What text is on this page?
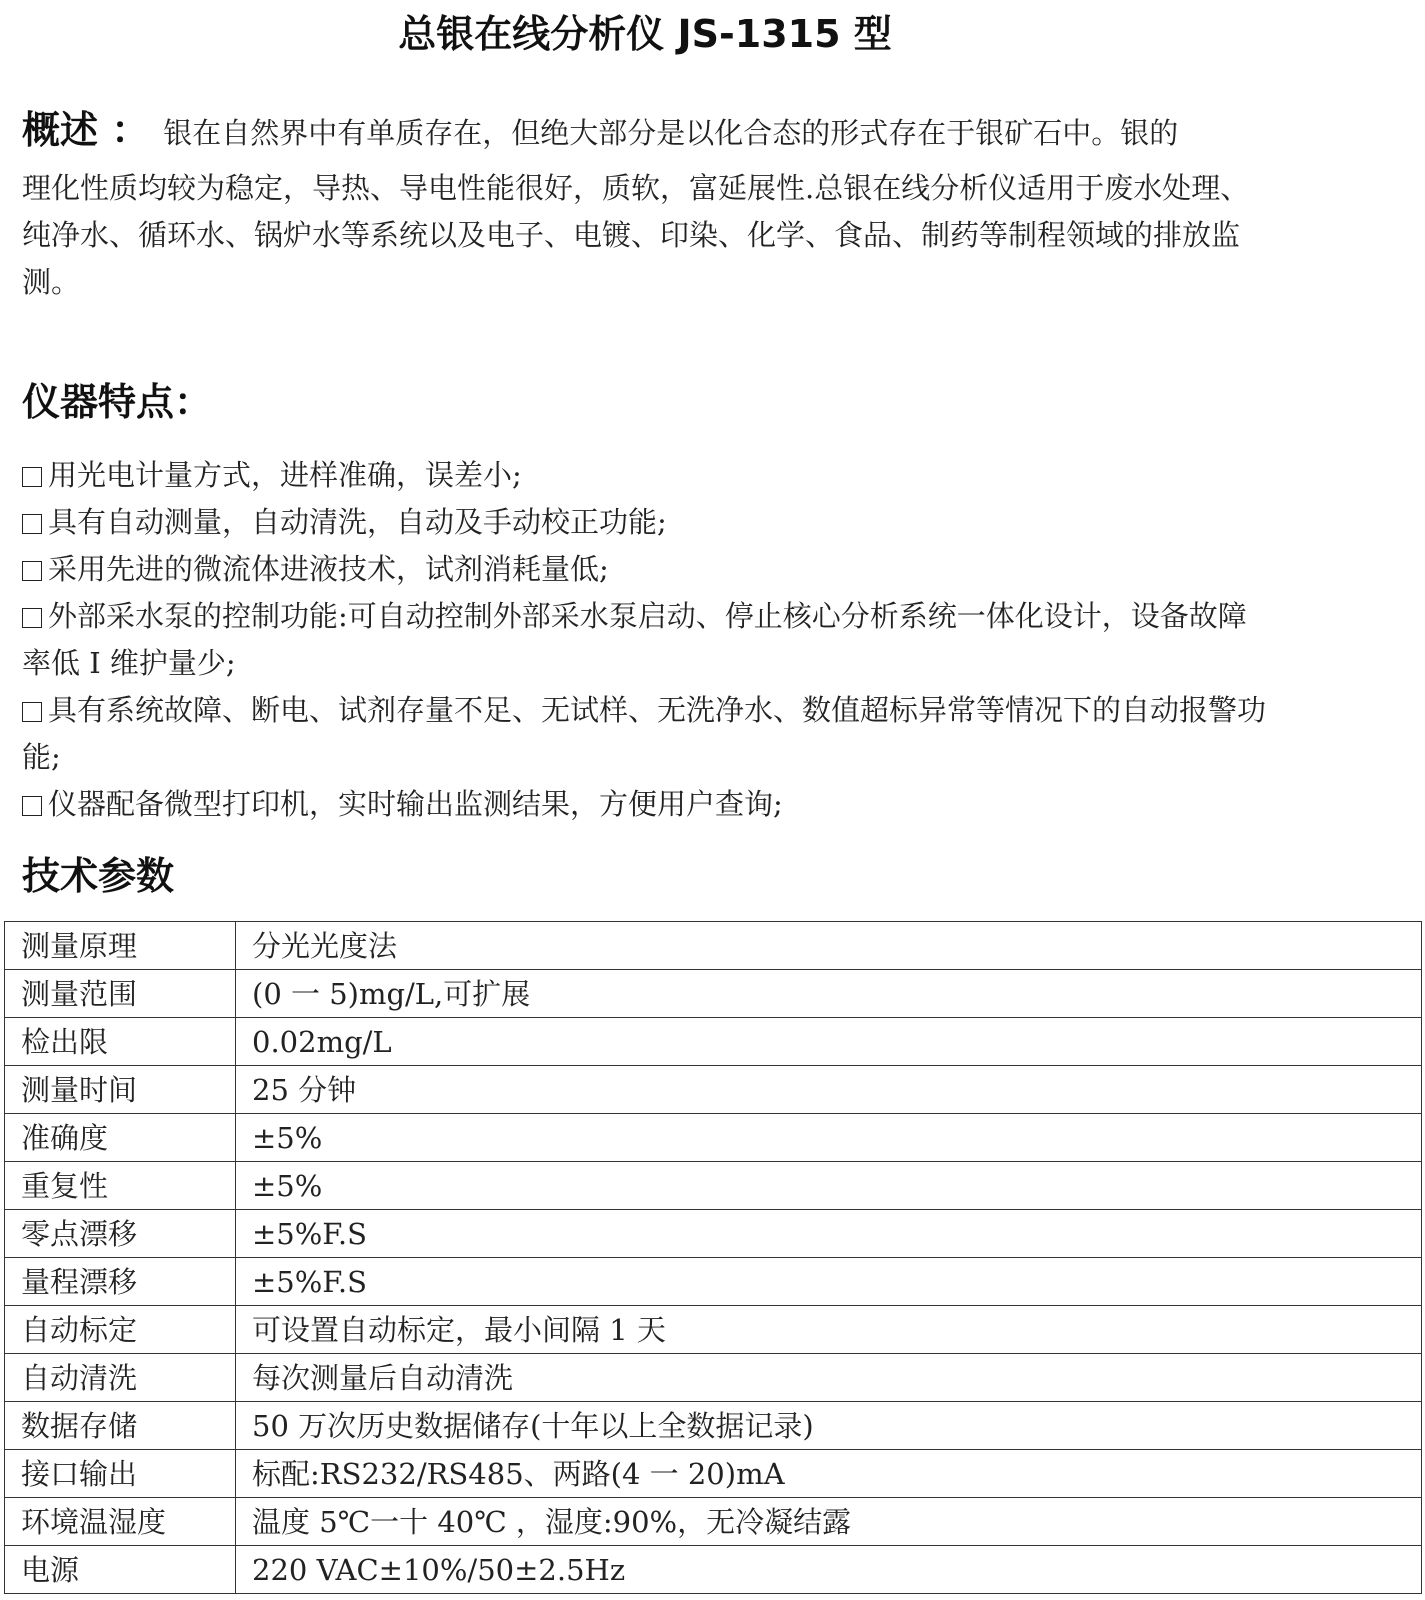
总银在线分析仪 JS-1315 型
概述 ： 银在自然界中有单质存在，但绝大部分是以化合态的形式存在于银矿石中。银的
理化性质均较为稳定，导热、导电性能很好，质软，富延展性.总银在线分析仪适用于废水处理、纯净水、循环水、锅炉水等系统以及电子、电镀、印染、化学、食品、制药等制程领域的排放监测。
仪器特点：
用光电计量方式，进样准确，误差小;
具有自动测量，自动清洗，自动及手动校正功能;
采用先进的微流体进液技术，试剂消耗量低;
外部采水泵的控制功能:可自动控制外部采水泵启动、停止核心分析系统一体化设计，设备故障率低 I 维护量少;
具有系统故障、断电、试剂存量不足、无试样、无洗净水、数值超标异常等情况下的自动报警功能;
仪器配备微型打印机，实时输出监测结果，方便用户查询;
技术参数
测量原理	分光光度法
测量范围	(0 一 5)mg/L,可扩展
检出限	0.02mg/L
测量时间	25 分钟
准确度	±5%
重复性	±5%
零点漂移	±5%F.S
量程漂移	±5%F.S
自动标定	可设置自动标定，最小间隔 1 天
自动清洗	每次测量后自动清洗
数据存储	50 万次历史数据储存(十年以上全数据记录)
接口输出	标配:RS232/RS485、两路(4 一 20)mA
环境温湿度	温度 5℃一十 40℃ ，湿度:90%，无冷凝结露
电源	220 VAC±10%/50±2.5Hz
